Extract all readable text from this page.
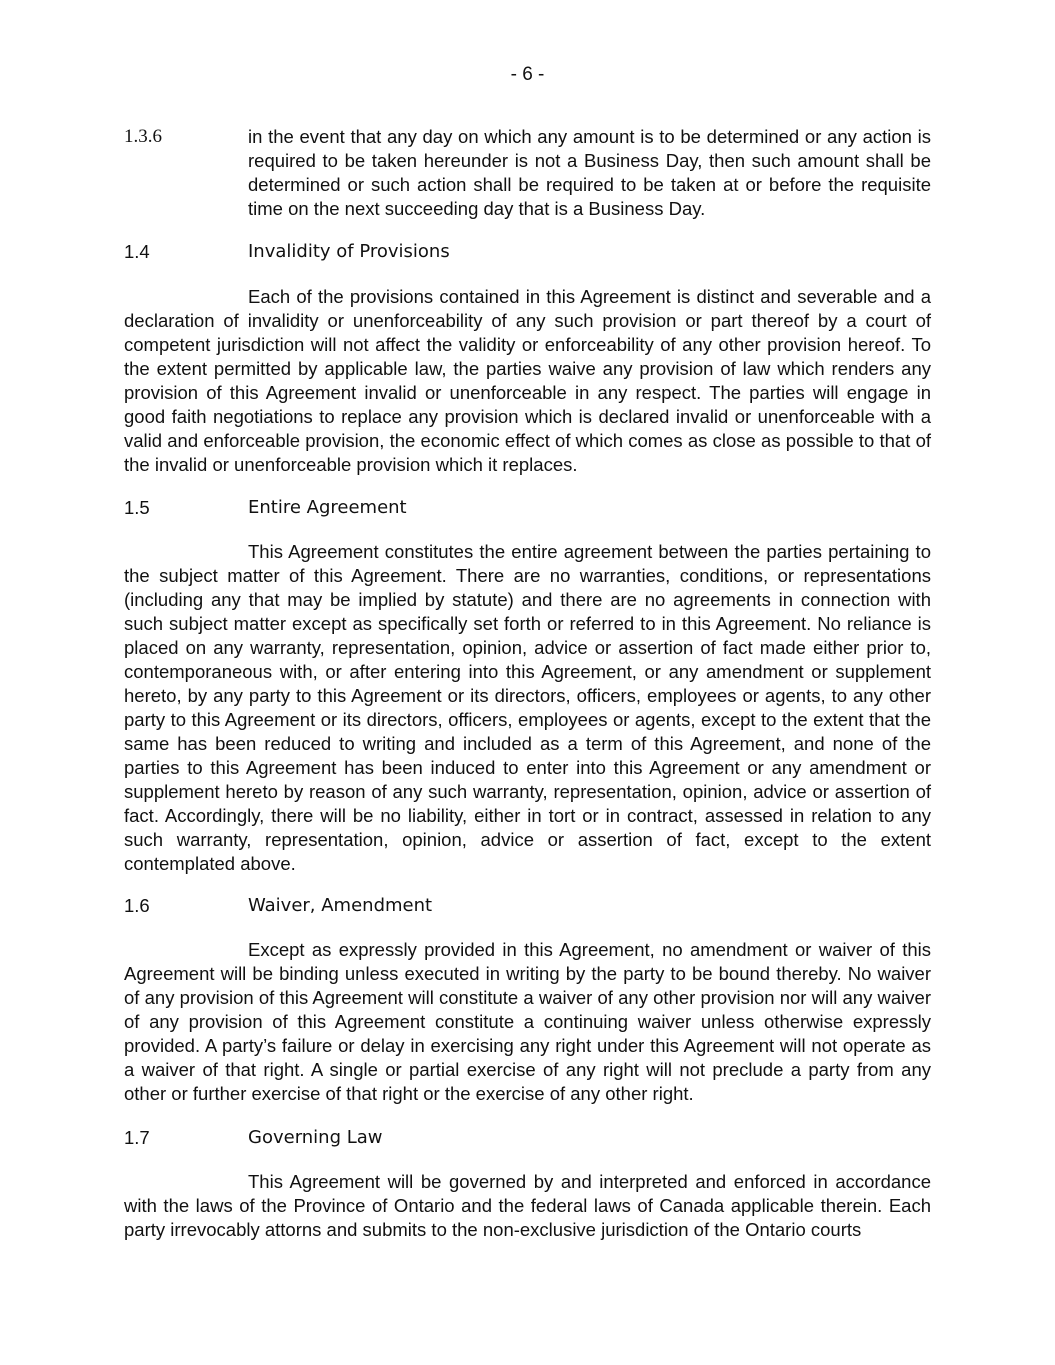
- 6 -
1.3.6	in the event that any day on which any amount is to be determined or any action is required to be taken hereunder is not a Business Day, then such amount shall be determined or such action shall be required to be taken at or before the requisite time on the next succeeding day that is a Business Day.
1.4	Invalidity of Provisions
Each of the provisions contained in this Agreement is distinct and severable and a declaration of invalidity or unenforceability of any such provision or part thereof by a court of competent jurisdiction will not affect the validity or enforceability of any other provision hereof. To the extent permitted by applicable law, the parties waive any provision of law which renders any provision of this Agreement invalid or unenforceable in any respect. The parties will engage in good faith negotiations to replace any provision which is declared invalid or unenforceable with a valid and enforceable provision, the economic effect of which comes as close as possible to that of the invalid or unenforceable provision which it replaces.
1.5	Entire Agreement
This Agreement constitutes the entire agreement between the parties pertaining to the subject matter of this Agreement. There are no warranties, conditions, or representations (including any that may be implied by statute) and there are no agreements in connection with such subject matter except as specifically set forth or referred to in this Agreement. No reliance is placed on any warranty, representation, opinion, advice or assertion of fact made either prior to, contemporaneous with, or after entering into this Agreement, or any amendment or supplement hereto, by any party to this Agreement or its directors, officers, employees or agents, to any other party to this Agreement or its directors, officers, employees or agents, except to the extent that the same has been reduced to writing and included as a term of this Agreement, and none of the parties to this Agreement has been induced to enter into this Agreement or any amendment or supplement hereto by reason of any such warranty, representation, opinion, advice or assertion of fact. Accordingly, there will be no liability, either in tort or in contract, assessed in relation to any such warranty, representation, opinion, advice or assertion of fact, except to the extent contemplated above.
1.6	Waiver, Amendment
Except as expressly provided in this Agreement, no amendment or waiver of this Agreement will be binding unless executed in writing by the party to be bound thereby. No waiver of any provision of this Agreement will constitute a waiver of any other provision nor will any waiver of any provision of this Agreement constitute a continuing waiver unless otherwise expressly provided. A party’s failure or delay in exercising any right under this Agreement will not operate as a waiver of that right. A single or partial exercise of any right will not preclude a party from any other or further exercise of that right or the exercise of any other right.
1.7	Governing Law
This Agreement will be governed by and interpreted and enforced in accordance with the laws of the Province of Ontario and the federal laws of Canada applicable therein. Each party irrevocably attorns and submits to the non-exclusive jurisdiction of the Ontario courts
